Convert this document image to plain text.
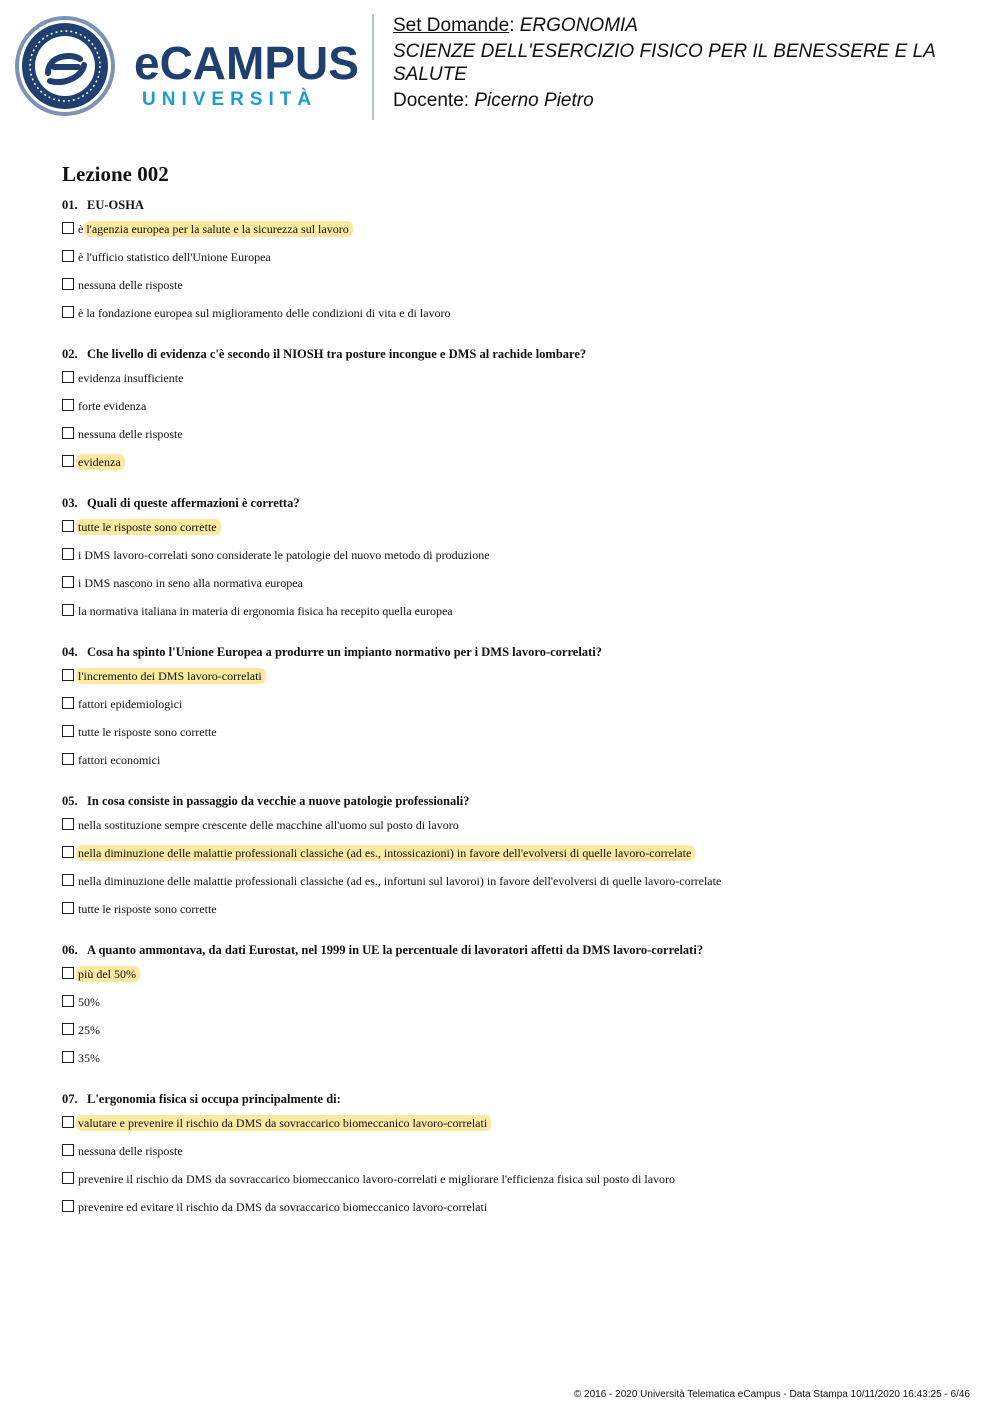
eCAMPUS
UNIVERSITÀ
Set Domande: ERGONOMIA
SCIENZE DELL'ESERCIZIO FISICO PER IL BENESSERE E LA SALUTE
Docente: Picerno Pietro
Lezione 002
01. EU-OSHA
è l'agenzia europea per la salute e la sicurezza sul lavoro
è l'ufficio statistico dell'Unione Europea
nessuna delle risposte
è la fondazione europea sul miglioramento delle condizioni di vita e di lavoro
02. Che livello di evidenza c'è secondo il NIOSH tra posture incongue e DMS al rachide lombare?
evidenza insufficiente
forte evidenza
nessuna delle risposte
evidenza
03. Quali di queste affermazioni è corretta?
tutte le risposte sono corrette
i DMS lavoro-correlati sono considerate le patologie del nuovo metodo di produzione
i DMS nascono in seno alla normativa europea
la normativa italiana in materia di ergonomia fisica ha recepito quella europea
04. Cosa ha spinto l'Unione Europea a produrre un impianto normativo per i DMS lavoro-correlati?
l'incremento dei DMS lavoro-correlati
fattori epidemiologici
tutte le risposte sono corrette
fattori economici
05. In cosa consiste in passaggio da vecchie a nuove patologie professionali?
nella sostituzione sempre crescente delle macchine all'uomo sul posto di lavoro
nella diminuzione delle malattie professionali classiche (ad es., intossicazioni) in favore dell'evolversi di quelle lavoro-correlate
nella diminuzione delle malattie professionali classiche (ad es., infortuni sul lavoroi) in favore dell'evolversi di quelle lavoro-correlate
tutte le risposte sono corrette
06. A quanto ammontava, da dati Eurostat, nel 1999 in UE la percentuale di lavoratori affetti da DMS lavoro-correlati?
più del 50%
50%
25%
35%
07. L'ergonomia fisica si occupa principalmente di:
valutare e prevenire il rischio da DMS da sovraccarico biomeccanico lavoro-correlati
nessuna delle risposte
prevenire il rischio da DMS da sovraccarico biomeccanico lavoro-correlati e migliorare l'efficienza fisica sul posto di lavoro
prevenire ed evitare il rischio da DMS da sovraccarico biomeccanico lavoro-correlati
© 2016 - 2020 Università Telematica eCampus - Data Stampa 10/11/2020 16:43:25 - 6/46
